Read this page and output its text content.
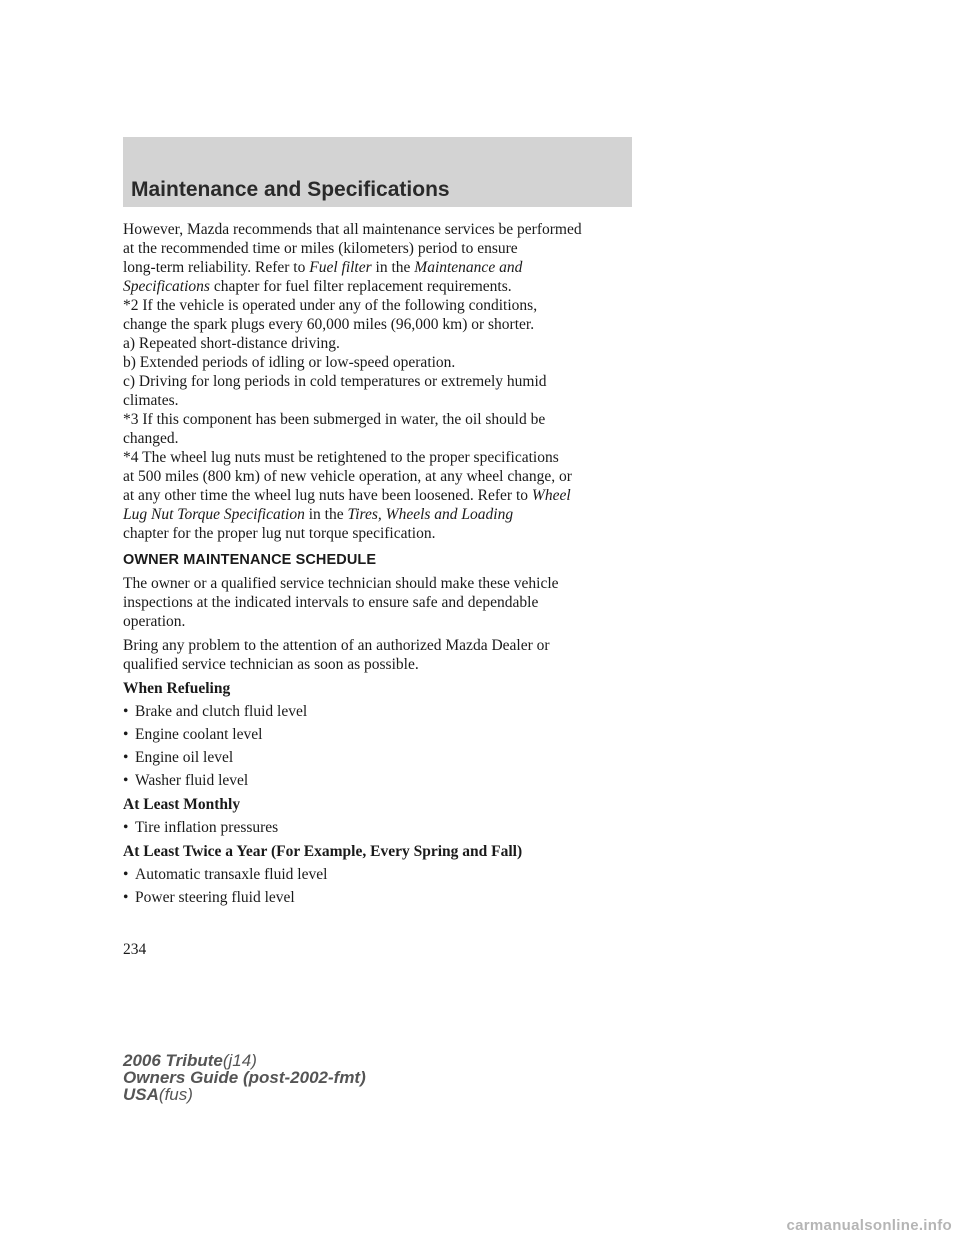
Maintenance and Specifications
However, Mazda recommends that all maintenance services be performed
at the recommended time or miles (kilometers) period to ensure
long-term reliability. Refer to Fuel filter in the Maintenance and
Specifications chapter for fuel filter replacement requirements.
*2 If the vehicle is operated under any of the following conditions,
change the spark plugs every 60,000 miles (96,000 km) or shorter.
a) Repeated short-distance driving.
b) Extended periods of idling or low-speed operation.
c) Driving for long periods in cold temperatures or extremely humid
climates.
*3 If this component has been submerged in water, the oil should be
changed.
*4 The wheel lug nuts must be retightened to the proper specifications
at 500 miles (800 km) of new vehicle operation, at any wheel change, or
at any other time the wheel lug nuts have been loosened. Refer to Wheel
Lug Nut Torque Specification in the Tires, Wheels and Loading
chapter for the proper lug nut torque specification.

OWNER MAINTENANCE SCHEDULE

The owner or a qualified service technician should make these vehicle
inspections at the indicated intervals to ensure safe and dependable
operation.
Bring any problem to the attention of an authorized Mazda Dealer or
qualified service technician as soon as possible.

When Refueling

• Brake and clutch fluid level

• Engine coolant level

• Engine oil level

• Washer fluid level

At Least Monthly

• Tire inflation pressures

At Least Twice a Year (For Example, Every Spring and Fall)

• Automatic transaxle fluid level

• Power steering fluid level

234
2006 Tribute(j14)
Owners Guide (post-2002-fmt)
USA(fus)
carmanualsonline.info
